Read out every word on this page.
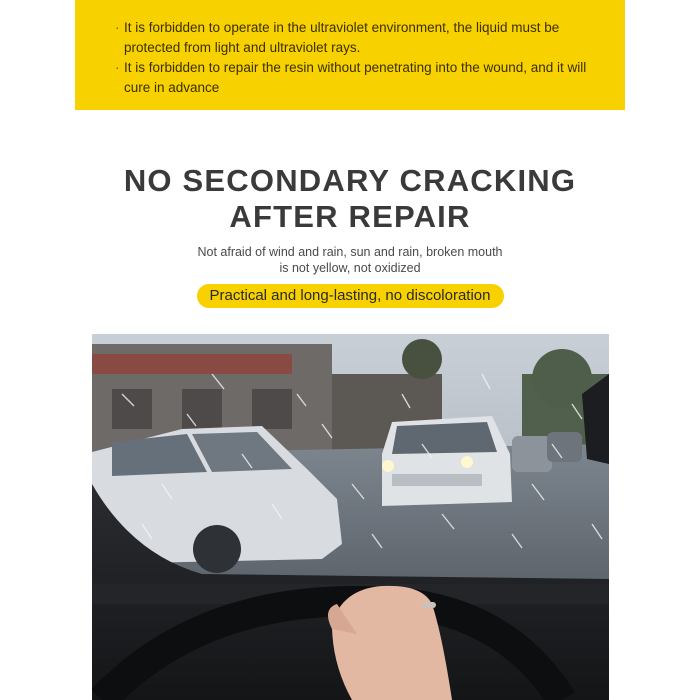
· It is forbidden to operate in the ultraviolet environment, the liquid must be protected from light and ultraviolet rays.
· It is forbidden to repair the resin without penetrating into the wound, and it will cure in advance
NO SECONDARY CRACKING
AFTER REPAIR
Not afraid of wind and rain, sun and rain, broken mouth
is not yellow, not oxidized
Practical and long-lasting, no discoloration
